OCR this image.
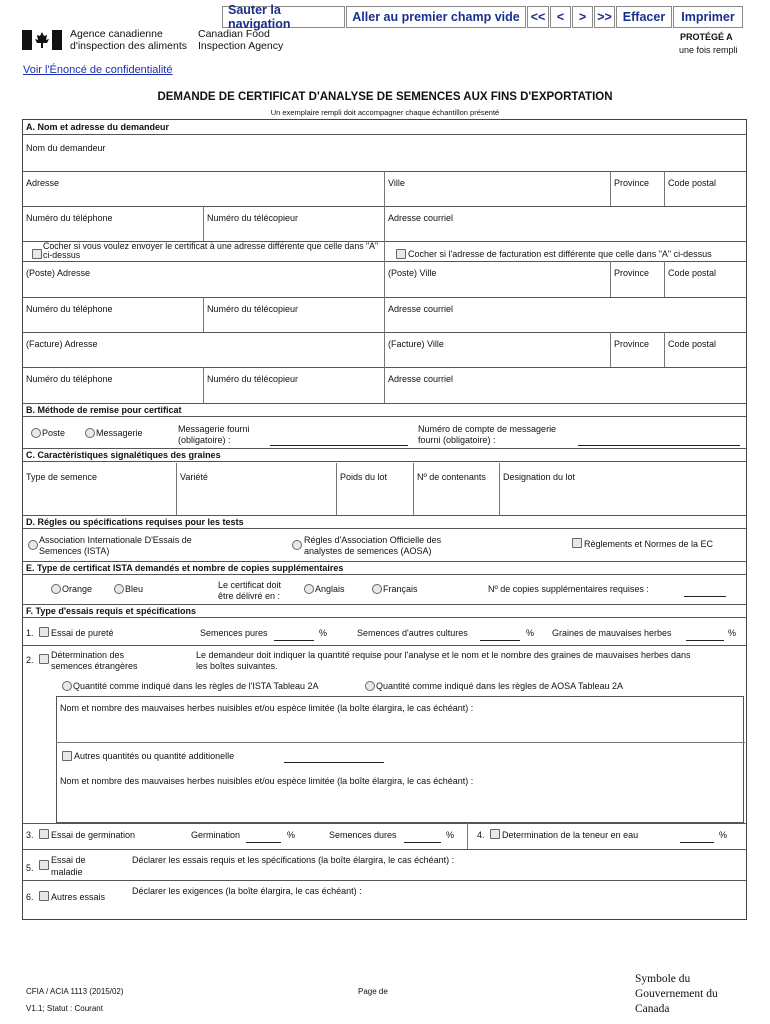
Sauter la navigation	Aller au premier champ vide << <	> >> Effacer	Imprimer
Agence canadienne
d'inspection des aliments
Canadian Food
Inspection Agency
PROTÉGÉ A
une fois rempli
Voir l'Énoncé de confidentialité
DEMANDE DE CERTIFICAT D'ANALYSE DE SEMENCES AUX FINS D'EXPORTATION
Un exemplaire rempli doit accompagner chaque échantillon présenté
A. Nom et adresse du demandeur
Nom du demandeur
Adresse	Ville	Province Code postal
Numéro du téléphone	Numéro du télécopieur	Adresse courriel
Cocher si vous voulez envoyer le certificat à une adresse différente que celle dans "A" ci-dessus	Cocher si l'adresse de facturation est différente que celle dans "A" ci-dessus
(Poste) Adresse	(Poste) Ville	Province Code postal
Numéro du téléphone	Numéro du télécopieur	Adresse courriel
(Facture) Adresse	(Facture) Ville	Province Code postal
Numéro du téléphone	Numéro du télécopieur	Adresse courriel
B. Méthode de remise pour certificat
Poste	Messagerie	Messagerie fourni
(obligatoire) :
Numéro de compte de messagerie
fourni (obligatoire) :
C. Caractèristiques signalétiques des graines
Type de semence	Variété	Poids du lot	Nº de contenants Designation du lot
D. Régles ou spécifications requises pour les tests
Association Internationale D'Essais de
Semences (ISTA)
Régles d'Association Officielle des
analystes de semences (AOSA)
Règlements et Normes de la EC
E. Type de certificat ISTA demandés et nombre de copies supplémentaires
Orange	Bleu	Le certificat doit
être délivré en :
Anglais	Français	Nº de copies supplémentaires requises :
F. Type d'essais requis et spécifications
1. Essai de pureté	Semences pures	%	Semences d'autres cultures	% Graines de mauvaises herbes	%
2. Détermination des
semences étrangères
Le demandeur doit indiquer la quantité requise pour l'analyse et le nom et le nombre des graines de mauvaises herbes dans
les boîtes suivantes.
Quantité comme indiqué dans les règles de l'ISTA Tableau 2A	Quantité comme indiqué dans les règles de AOSA Tableau 2A
Nom et nombre des mauvaises herbes nuisibles et/ou espèce limitée (la boîte élargira, le cas échéant) :
Autres quantités ou quantité additionelle
Nom et nombre des mauvaises herbes nuisibles et/ou espèce limitée (la boîte élargira, le cas échéant) :
3. Essai de germination	Germination	%	Semences dures	%	4. Determination de la teneur en eau	%
5.
Essai de
maladie
Déclarer les essais requis et les spécifications (la boîte élargira, le cas échéant) :
6. Autres essais
Déclarer les exigences (la boîte élargira, le cas échéant) :
CFIA / ACIA 1113 (2015/02)	Page de
V1.1; Statut : Courant
Symbole du
Gouvernement du
Canada
